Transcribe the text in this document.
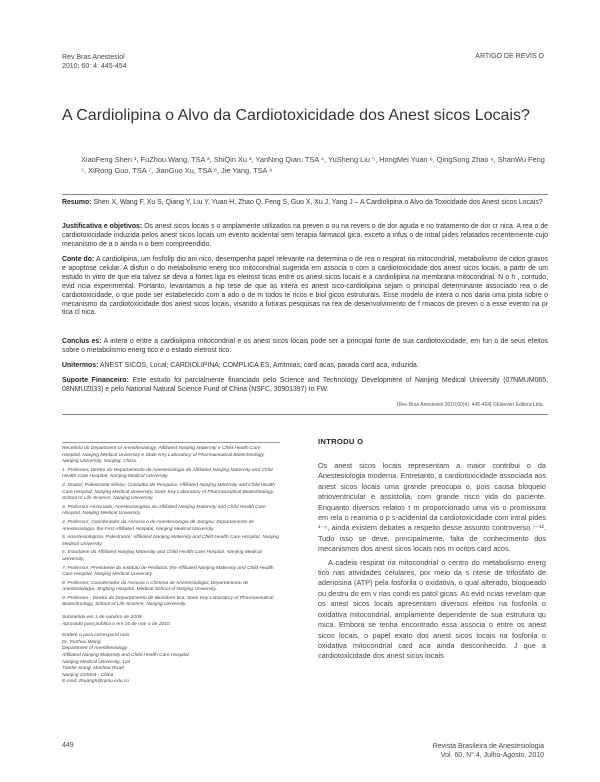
Rev Bras Anestesiol
2010; 60: 4: 445-454
ARTIGO DE REVIS O
A Cardiolipina o Alvo da Cardiotoxicidade dos Anest sicos Locais?
XiaoFeng Shen ¹, FuZhou Wang, TSA ², ShiQin Xu ³, YanNing Qian, TSA ⁴, YuSheng Liu ⁵, HongMei Yuan ⁶, QingSong Zhao ⁶, ShanWu Feng ⁵, XiRong Guo, TSA ⁷, JianGuo Xu, TSA ⁸, Jie Yang, TSA ⁹
Resumo: Shen X, Wang F, Xu S, Qiang Y, Liu Y, Yuan H, Zhao Q, Feng S, Guo X, Xu J, Yang J – A Cardiolipina o Alvo da Toxicidade dos Anest sicos Locais?
Justificativa e objetivos: Os anest sicos locais s o amplamente utilizados na preven o ou na revers o de dor aguda e no tratamento de dor cr nica. A rea o de cardiotoxicidade induzida pelos anest sicos locais um evento acidental sem terapia farmacol gica, exceto a infus o de intral pides relatados recentemente cujo mecanismo de a o ainda n o bem compreendido.
Conte do: A cardiolipina, um fosfolip dio ani nico, desempenha papel relevante na determina o de rea o respirat ria mitocondrial, metabolismo de cidos graxos e apoptose celular. A disfun o do metabolismo energ tico mitocondrial sugerida em associa o com a cardiotoxicidade dos anest sicos locais, a partir de um estudo in vitro de que ela talvez se deva a fortes liga es eletrost ticas entre os anest sicos locais e a cardiolipina na membrana mitocondrial. N o h , contudo, evid ncia experimental. Portanto, levantamos a hip tese de que as intera es anest sico-cardiolipina sejam o principal determinante associado rea o de cardiotoxicidade, o que pode ser estabelecido com a ado o de m todos te ricos e biol gicos estruturais. Esse modelo de intera o nos daria uma pista sobre o mecanismo da cardiotoxicidade dos anest sicos locais, visando a futuras pesquisas na rea de desenvolvimento de f rmacos de preven o a esse evento na pr tica cl nica.
Conclus es: A intera o entre a cardiolipina mitocondrial e os anest sicos locais pode ser a principal fonte de sua cardiotoxicidade, em fun o de seus efeitos sobre o metabolismo energ tico e o estado eletrost tico.
Unitermos: ANEST SICOS, Local; CARDIOLIPINA; COMPLICA ES, Arritmias; card acas, parada card aca, induzida.
Suporte Financeiro: Este estudo foi parcialmente financiado pelo Science and Technology Development of Nanjing Medical University (07NMUM065, 08NMUZ033) e pelo National Natural Science Fund of China (NSFC, 30901397) to FW.
[Rev Bras Anestesiol 2010;60(4): 445-454] ©Elsevier Editora Ltda.

Recebido do Department of Anesthesiology, Affiliated Nanjing Maternity e Child Health Care Hospital, Nanjing Medical University e State Key Laboratory of Pharmaceutical Biotechnology, Nanjing University, Nanjing, China.

1. Professor, Diretor do Departamento de Anestesiologia do Affiliated Nanjing Maternity and Child Health Care Hospital, Nanjing Medical University.

2. Doutor; Palestrante Sênior, Consultor de Pesquisa; Affiliated Nanjing Maternity and Child Health Care Hospital, Nanjing Medical University; State Key Laboratory of Pharmaceutical Biotechnology, School of Life Science, Nanjing University.

3. Professor Associado; Anestesiologista do Affiliated Nanjing Maternity and Child Health Care Hospital, Nanjing Medical University.

4. Professor; Coordenador da Associa o de Anestesiologia de Jiangsu; Departamento de Anestesiologia, the First Affiliated Hospital, Nanjing Medical University.

5. Anestesiologista, Palestrante; Affiliated Nanjing Maternity and Child Health Care Hospital, Nanjing Medical University.

6. Estudante do Affiliated Nanjing Maternity and Child Health Care Hospital, Nanjing Medical University.

7. Professor; Presidente do Instituto de Pediatria; the Affiliated Nanjing Maternity and Child Health Care Hospital, Nanjing Medical University.

8. Professor; Coordenador da Associa o Chinesa de Anestesiologia; Departamento de Anestesiologia, Jinghing Hospital, Medical School of Nanjing University.

9. Professor - Diretor do Departamento de Bioinform tica; State Key Laboratory of Pharmaceutical Biotechnology, School of Life Science, Nanjing University.

Submetido em 1 de outubro de 2009.
Aprovado para publica o em 16 de mar o de 2010.
Endere o para correspond ncia:
Dr. FuZhou Wang
Department of Anesthesiology
Affiliated Nanjing Maternity and Child Health Care Hospital
Nanjing Medical University, 123
Tianfei Xiang, Mochou Road
Nanjing 210004 - China
E-mail: zhuang5@njmu.edu.cn
INTRODU O

Os anest sicos locais representam a maior contribui o da Anestesiologia moderna. Entretanto, a cardiotoxicidade associada aos anest sicos locais uma grande preocupa o, pois causa bloqueio atrioventricular e assistolia, com grande risco vida do paciente. Enquanto diversos relatos t m proporcionado uma vis o promissora em rela o reanima o p s-acidental da cardiotoxicidade com intral pides ¹⁻⁶, ainda existem debates a respeito desse assunto controverso ⁷⁻¹². Tudo isso se deve, principalmente, falta de conhecimento dos mecanismos dos anest sicos locais nos m ocitos card acos.

A cadeia respirat ria mitocondrial o centro do metabolismo energ tico nas atividades celulares, por meio da s ntese de trifosfato de adenosina (ATP) pela fosforila o oxidativa, o qual alterado, bloqueado ou destru do em v rias condi es patol gicas. As evid ncias revelam que os anest sicos locais apresentam diversos efeitos na fosforila o oxidativa mitocondrial, amplamente dependente de sua estrutura qu mica. Embora se tenha encontrado essa associa o entre os anest sicos locais, o papel exato dos anest sicos locais na fosforila o oxidativa mitocondrial card aca ainda desconhecido. J que a cardiotoxicidade dos anest sicos locais

449	Revista Brasileira de Anestesiologia
Vol. 60, N° 4, Julho-Agosto, 2010
